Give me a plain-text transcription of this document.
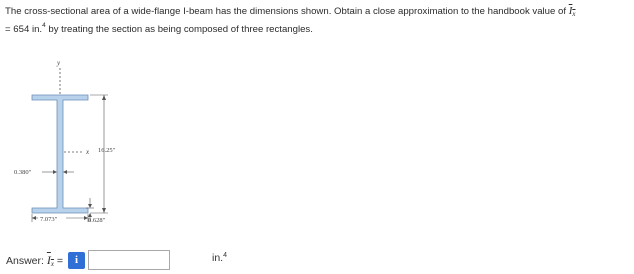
The cross-sectional area of a wide-flange I-beam has the dimensions shown. Obtain a close approximation to the handbook value of $I_x$
= 654 in.$^4$ by treating the section as being composed of three rectangles.
y
x 16.25"
0.380"
0.628"
7.073"
Answer: $I_x$ =	i	in.$^4$
